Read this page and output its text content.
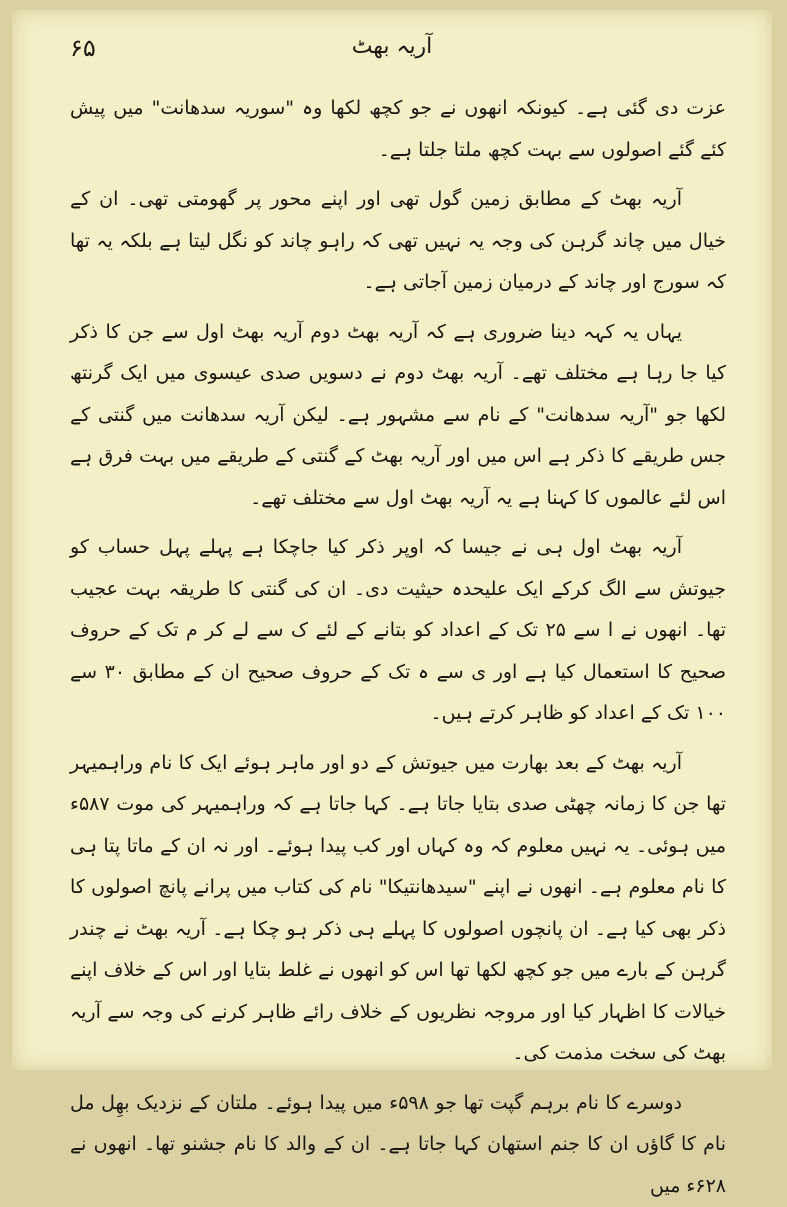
۶۵	آریہ بھٹ

عزت دی گئی ہے۔ کیونکہ انھوں نے جو کچھ لکھا وہ "سوریہ سدھانت" میں پیش کئے گئے اصولوں سے بہت کچھ ملتا جلتا ہے۔

آریہ بھٹ کے مطابق زمین گول تھی اور اپنے محور پر گھومتی تھی۔ ان کے خیال میں چاند گرہن کی وجہ یہ نہیں تھی کہ راہو چاند کو نگل لیتا ہے بلکہ یہ تھا کہ سورج اور چاند کے درمیان زمین آجاتی ہے۔

یہاں یہ کہہ دینا ضروری ہے کہ آریہ بھٹ دوم آریہ بھٹ اول سے جن کا ذکر کیا جا رہا ہے مختلف تھے۔ آریہ بھٹ دوم نے دسویں صدی عیسوی میں ایک گرنتھ لکھا جو "آریہ سدھانت" کے نام سے مشہور ہے۔ لیکن آریہ سدھانت میں گنتی کے جس طریقے کا ذکر ہے اس میں اور آریہ بھٹ کے گنتی کے طریقے میں بہت فرق ہے اس لئے عالموں کا کہنا ہے یہ آریہ بھٹ اول سے مختلف تھے۔

آریہ بھٹ اول ہی نے جیسا کہ اوپر ذکر کیا جاچکا ہے پہلے پہل حساب کو جیوتش سے الگ کرکے ایک علیحدہ حیثیت دی۔ ان کی گنتی کا طریقہ بہت عجیب تھا۔ انھوں نے ا سے ۲۵ تک کے اعداد کو بتانے کے لئے ک سے لے کر م تک کے حروف صحیح کا استعمال کیا ہے اور ی سے ہ تک کے حروف صحیح ان کے مطابق ۳۰ سے ۱۰۰ تک کے اعداد کو ظاہر کرتے ہیں۔

آریہ بھٹ کے بعد بھارت میں جیوتش کے دو اور ماہر ہوئے ایک کا نام وراہمیہر تھا جن کا زمانہ چھٹی صدی بتایا جاتا ہے۔ کہا جاتا ہے کہ وراہمیہر کی موت ۵۸۷ء میں ہوئی۔ یہ نہیں معلوم کہ وہ کہاں اور کب پیدا ہوئے۔ اور نہ ان کے ماتا پتا ہی کا نام معلوم ہے۔ انھوں نے اپنے "سیدھانتیکا" نام کی کتاب میں پرانے پانچ اصولوں کا ذکر بھی کیا ہے۔ ان پانچوں اصولوں کا پہلے ہی ذکر ہو چکا ہے۔ آریہ بھٹ نے چندر گرہن کے بارے میں جو کچھ لکھا تھا اس کو انھوں نے غلط بتایا اور اس کے خلاف اپنے خیالات کا اظہار کیا اور مروجہ نظریوں کے خلاف رائے ظاہر کرنے کی وجہ سے آریہ بھٹ کی سخت مذمت کی۔

دوسرے کا نام برہم گپت تھا جو ۵۹۸ء میں پیدا ہوئے۔ ملتان کے نزدیک بھِل مل نام کا گاؤں ان کا جنم استھان کہا جاتا ہے۔ ان کے والد کا نام جشنو تھا۔ انھوں نے ۶۲۸ء میں
